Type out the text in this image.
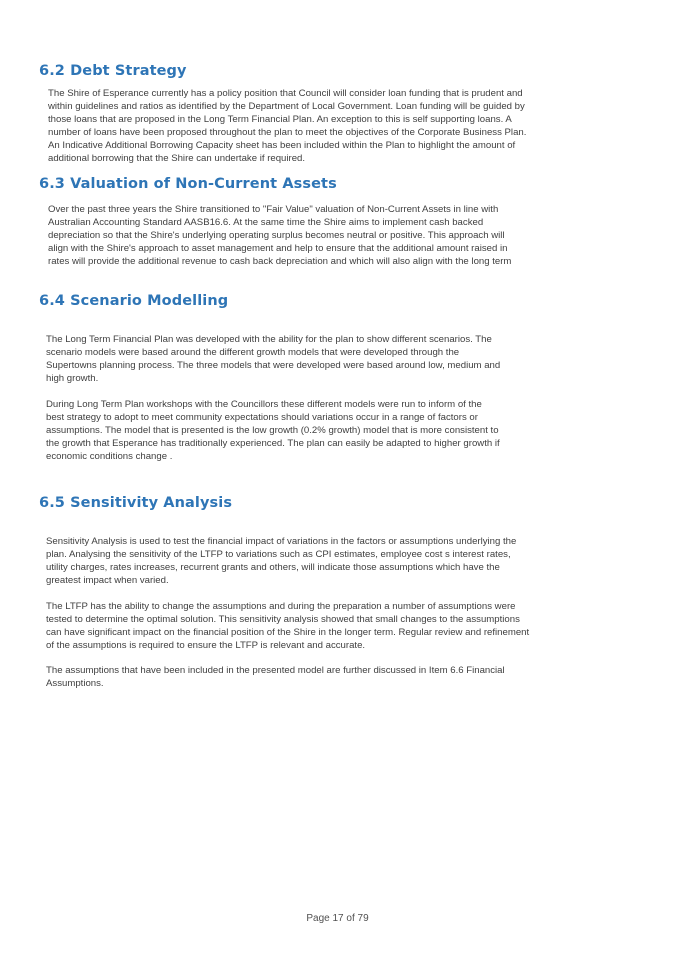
6.2 Debt Strategy
The Shire of Esperance currently has a policy position that Council will consider loan funding that is prudent and
within guidelines and ratios as identified by the Department of Local Government. Loan funding will be guided by
those loans that are proposed in the Long Term Financial Plan. An exception to this is self supporting loans. A
number of loans have been proposed throughout the plan to meet the objectives of the Corporate Business Plan.
An Indicative Additional Borrowing Capacity sheet has been included within the Plan to highlight the amount of
additional borrowing that the Shire can undertake if required.
6.3 Valuation of Non-Current Assets
Over the past three years the Shire transitioned to "Fair Value" valuation of Non-Current Assets in line with
Australian Accounting Standard AASB16.6. At the same time the Shire aims to implement cash backed
depreciation so that the Shire's underlying operating surplus becomes neutral or positive. This approach will
align with the Shire's approach to asset management and help to ensure that the additional amount raised in
rates will provide the additional revenue to cash back depreciation and which will also align with the long term
6.4 Scenario Modelling
The Long Term Financial Plan was developed with the ability for the plan to show different scenarios. The
scenario models were based around the different growth models that were developed through the
Supertowns planning process. The three models that were developed were based around low, medium and
high growth.
During Long Term Plan workshops with the Councillors these different models were run to inform of the
best strategy to adopt to meet community expectations should variations occur in a range of factors or
assumptions. The model that is presented is the low growth (0.2% growth) model that is more consistent to
the growth that Esperance has traditionally experienced. The plan can easily be adapted to higher growth if
economic conditions change .
6.5 Sensitivity Analysis
Sensitivity Analysis is used to test the financial impact of variations in the factors or assumptions underlying the
plan. Analysing the sensitivity of the LTFP to variations such as CPI estimates, employee cost s interest rates,
utility charges, rates increases, recurrent grants and others, will indicate those assumptions which have the
greatest impact when varied.
The LTFP has the ability to change the assumptions and during the preparation a number of assumptions were
tested to determine the optimal solution. This sensitivity analysis showed that small changes to the assumptions
can have significant impact on the financial position of the Shire in the longer term. Regular review and refinement
of the assumptions is required to ensure the LTFP is relevant and accurate.
The assumptions that have been included in the presented model are further discussed in Item 6.6 Financial
Assumptions.
Page 17 of 79
